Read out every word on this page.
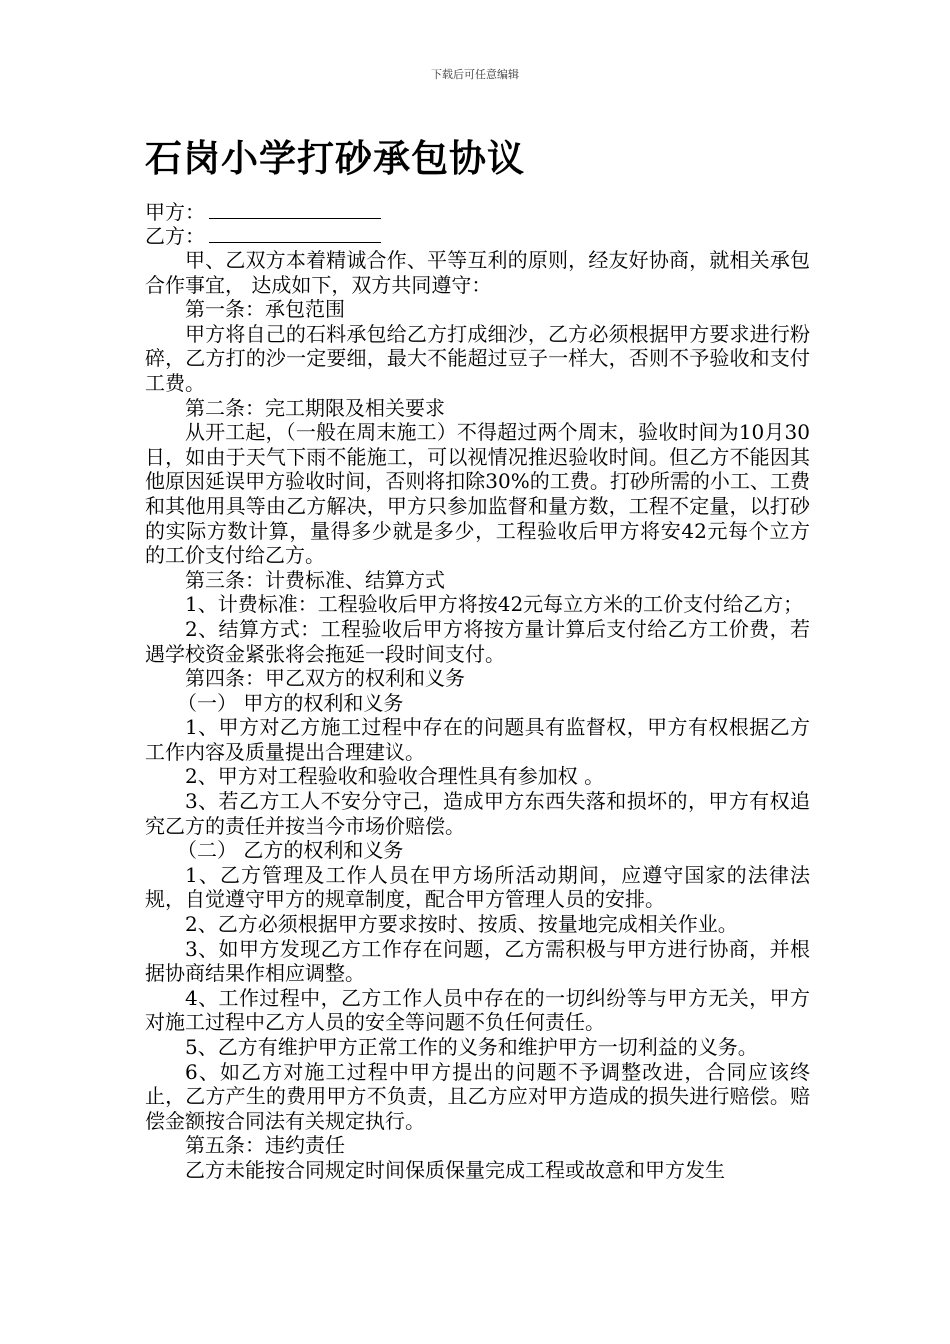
下载后可任意编辑
石岗小学打砂承包协议
甲方：
乙方：

甲、乙双方本着精诚合作、平等互利的原则，经友好协商，就相关承包合作事宜， 达成如下，双方共同遵守：

第一条：承包范围

甲方将自己的石料承包给乙方打成细沙，乙方必须根据甲方要求进行粉碎，乙方打的沙一定要细，最大不能超过豆子一样大，否则不予验收和支付工费。

第二条：完工期限及相关要求

从开工起，（一般在周末施工）不得超过两个周末，验收时间为10月30日，如由于天气下雨不能施工，可以视情况推迟验收时间。但乙方不能因其他原因延误甲方验收时间，否则将扣除30%的工费。打砂所需的小工、工费和其他用具等由乙方解决，甲方只参加监督和量方数，工程不定量，以打砂的实际方数计算，量得多少就是多少，工程验收后甲方将安42元每个立方的工价支付给乙方。

第三条：计费标准、结算方式

1、计费标准：工程验收后甲方将按42元每立方米的工价支付给乙方；

2、结算方式：工程验收后甲方将按方量计算后支付给乙方工价费，若遇学校资金紧张将会拖延一段时间支付。

第四条：甲乙双方的权利和义务

（一） 甲方的权利和义务

1、甲方对乙方施工过程中存在的问题具有监督权，甲方有权根据乙方工作内容及质量提出合理建议。

2、甲方对工程验收和验收合理性具有参加权 。

3、若乙方工人不安分守己，造成甲方东西失落和损坏的，甲方有权追究乙方的责任并按当今市场价赔偿。

（二） 乙方的权利和义务

1、乙方管理及工作人员在甲方场所活动期间，应遵守国家的法律法规，自觉遵守甲方的规章制度，配合甲方管理人员的安排。

2、乙方必须根据甲方要求按时、按质、按量地完成相关作业。

3、如甲方发现乙方工作存在问题，乙方需积极与甲方进行协商，并根据协商结果作相应调整。

4、工作过程中，乙方工作人员中存在的一切纠纷等与甲方无关，甲方对施工过程中乙方人员的安全等问题不负任何责任。

5、乙方有维护甲方正常工作的义务和维护甲方一切利益的义务。

6、如乙方对施工过程中甲方提出的问题不予调整改进，合同应该终止，乙方产生的费用甲方不负责，且乙方应对甲方造成的损失进行赔偿。赔偿金额按合同法有关规定执行。

第五条：违约责任

乙方未能按合同规定时间保质保量完成工程或故意和甲方发生
